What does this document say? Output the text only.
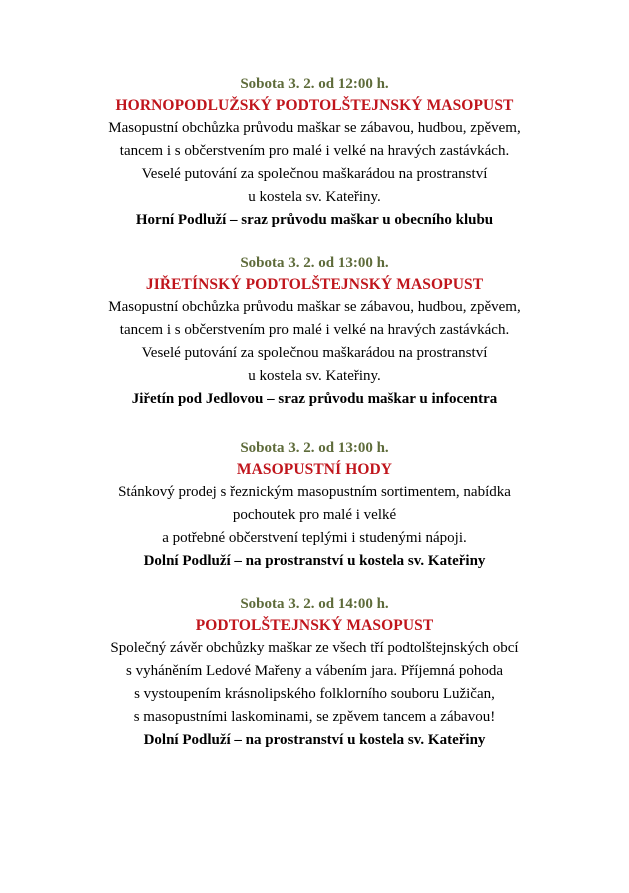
Sobota 3. 2. od 12:00 h.
HORNOPODLUŽSKÝ PODTOLŠTEJNSKÝ MASOPUST
Masopustní obchůzka průvodu maškar se zábavou, hudbou, zpěvem,
tancem i s občerstvením pro malé i velké na hravých zastávkách.
Veselé putování za společnou maškarádou na prostranství
u kostela sv. Kateřiny.
Horní Podluží – sraz průvodu maškar u obecního klubu
Sobota 3. 2. od 13:00 h.
JIŘETÍNSKÝ PODTOLŠTEJNSKÝ MASOPUST
Masopustní obchůzka průvodu maškar se zábavou, hudbou, zpěvem,
tancem i s občerstvením pro malé i velké na hravých zastávkách.
Veselé putování za společnou maškarádou na prostranství
u kostela sv. Kateřiny.
Jiřetín pod Jedlovou – sraz průvodu maškar u infocentra
Sobota 3. 2. od 13:00 h.
MASOPUSTNÍ HODY
Stánkový prodej s řeznickým masopustním sortimentem, nabídka
pochoutek pro malé i velké
a potřebné občerstvení teplými i studenými nápoji.
Dolní Podluží – na prostranství u kostela sv. Kateřiny
Sobota 3. 2. od 14:00 h.
PODTOLŠTEJNSKÝ MASOPUST
Společný závěr obchůzky maškar ze všech tří podtolštejnských obcí
s vyháněním Ledové Mařeny a vábením jara. Příjemná pohoda
s vystoupením krásnolipského folklorního souboru Lužičan,
s masopustními laskominami, se zpěvem tancem a zábavou!
Dolní Podluží – na prostranství u kostela sv. Kateřiny
